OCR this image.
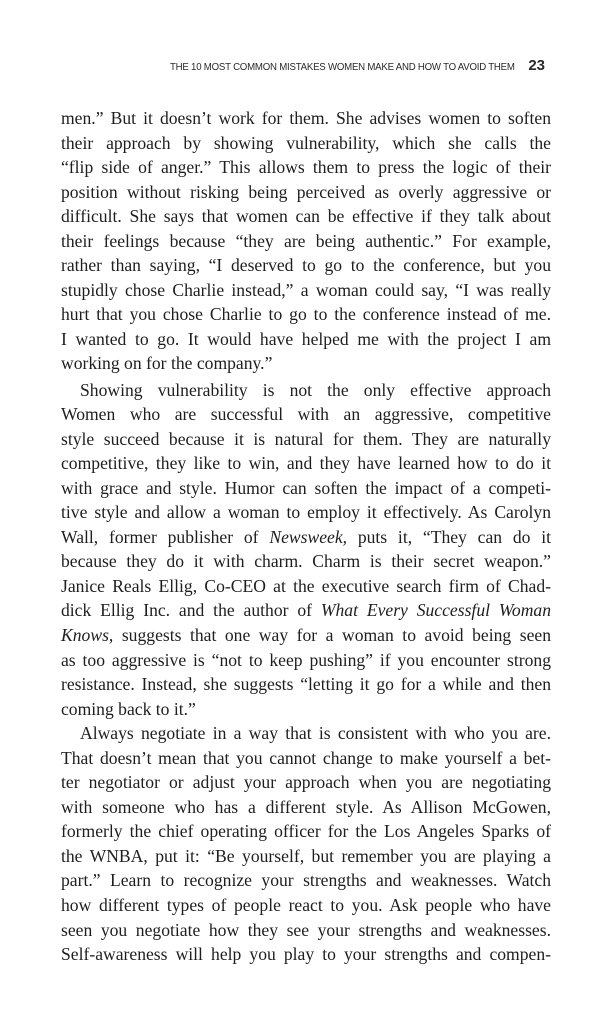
THE 10 MOST COMMON MISTAKES WOMEN MAKE AND HOW TO AVOID THEM 23
men.” But it doesn’t work for them. She advises women to soften
their approach by showing vulnerability, which she calls the
“flip side of anger.” This allows them to press the logic of their
position without risking being perceived as overly aggressive or
difficult. She says that women can be effective if they talk about
their feelings because “they are being authentic.” For example,
rather than saying, “I deserved to go to the conference, but you
stupidly chose Charlie instead,” a woman could say, “I was really
hurt that you chose Charlie to go to the conference instead of me.
I wanted to go. It would have helped me with the project I am
working on for the company.”
Showing vulnerability is not the only effective approach
Women who are successful with an aggressive, competitive
style succeed because it is natural for them. They are naturally
competitive, they like to win, and they have learned how to do it
with grace and style. Humor can soften the impact of a competi-
tive style and allow a woman to employ it effectively. As Carolyn
Wall, former publisher of Newsweek, puts it, “They can do it
because they do it with charm. Charm is their secret weapon.”
Janice Reals Ellig, Co-CEO at the executive search firm of Chad-
dick Ellig Inc. and the author of What Every Successful Woman
Knows, suggests that one way for a woman to avoid being seen
as too aggressive is “not to keep pushing” if you encounter strong
resistance. Instead, she suggests “letting it go for a while and then
coming back to it.”
Always negotiate in a way that is consistent with who you are.
That doesn’t mean that you cannot change to make yourself a bet-
ter negotiator or adjust your approach when you are negotiating
with someone who has a different style. As Allison McGowen,
formerly the chief operating officer for the Los Angeles Sparks of
the WNBA, put it: “Be yourself, but remember you are playing a
part.” Learn to recognize your strengths and weaknesses. Watch
how different types of people react to you. Ask people who have
seen you negotiate how they see your strengths and weaknesses.
Self-awareness will help you play to your strengths and compen-
